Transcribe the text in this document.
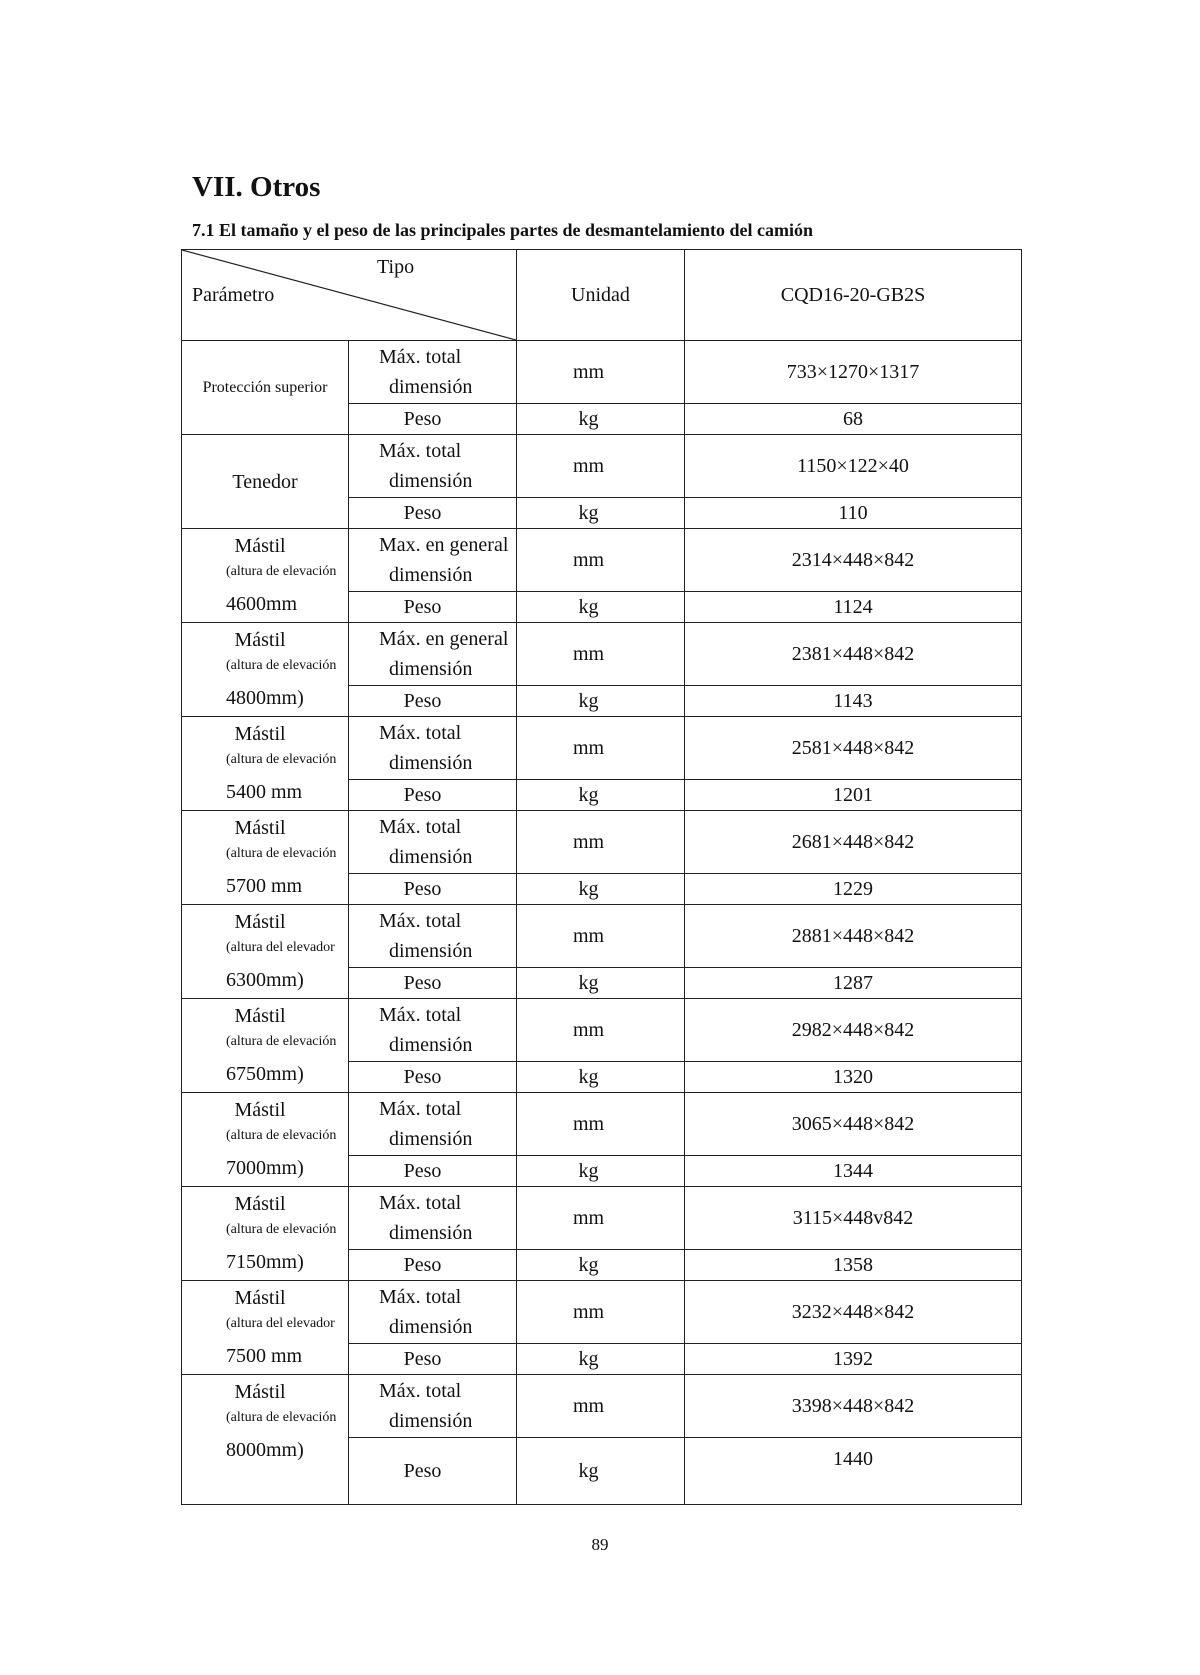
VII. Otros
7.1 El tamaño y el peso de las principales partes de desmantelamiento del camión
Tipo
Parámetro		Unidad	CQD16-20-GB2S
Protección superior	Máx. total
dimensión	mm	733×1270×1317
	Peso	kg	68
Tenedor	Máx. total
dimensión	mm	1150×122×40
	Peso	kg	110

Mástil
(altura de elevación
4600mm	Max. en general
dimensión	mm	2314×448×842
	Peso	kg	1124

Mástil
(altura de elevación
4800mm)	Máx. en general
dimensión	mm	2381×448×842
	Peso	kg	1143

Mástil
(altura de elevación
5400 mm	Máx. total
dimensión	mm	2581×448×842
	Peso	kg	1201

Mástil
(altura de elevación
5700 mm	Máx. total
dimensión	mm	2681×448×842
	Peso	kg	1229

Mástil
(altura del elevador
6300mm)	Máx. total
dimensión	mm	2881×448×842
	Peso	kg	1287

Mástil
(altura de elevación
6750mm)	Máx. total
dimensión	mm	2982×448×842
	Peso	kg	1320

Mástil
(altura de elevación
7000mm)	Máx. total
dimensión	mm	3065×448×842
	Peso	kg	1344

Mástil
(altura de elevación
7150mm)	Máx. total
dimensión	mm	3115×448v842
	Peso	kg	1358

Mástil
(altura del elevador
7500 mm	Máx. total
dimensión	mm	3232×448×842
	Peso	kg	1392

Mástil
(altura de elevación
8000mm)	Máx. total
dimensión	mm	3398×448×842
	Peso	kg	1440
89
